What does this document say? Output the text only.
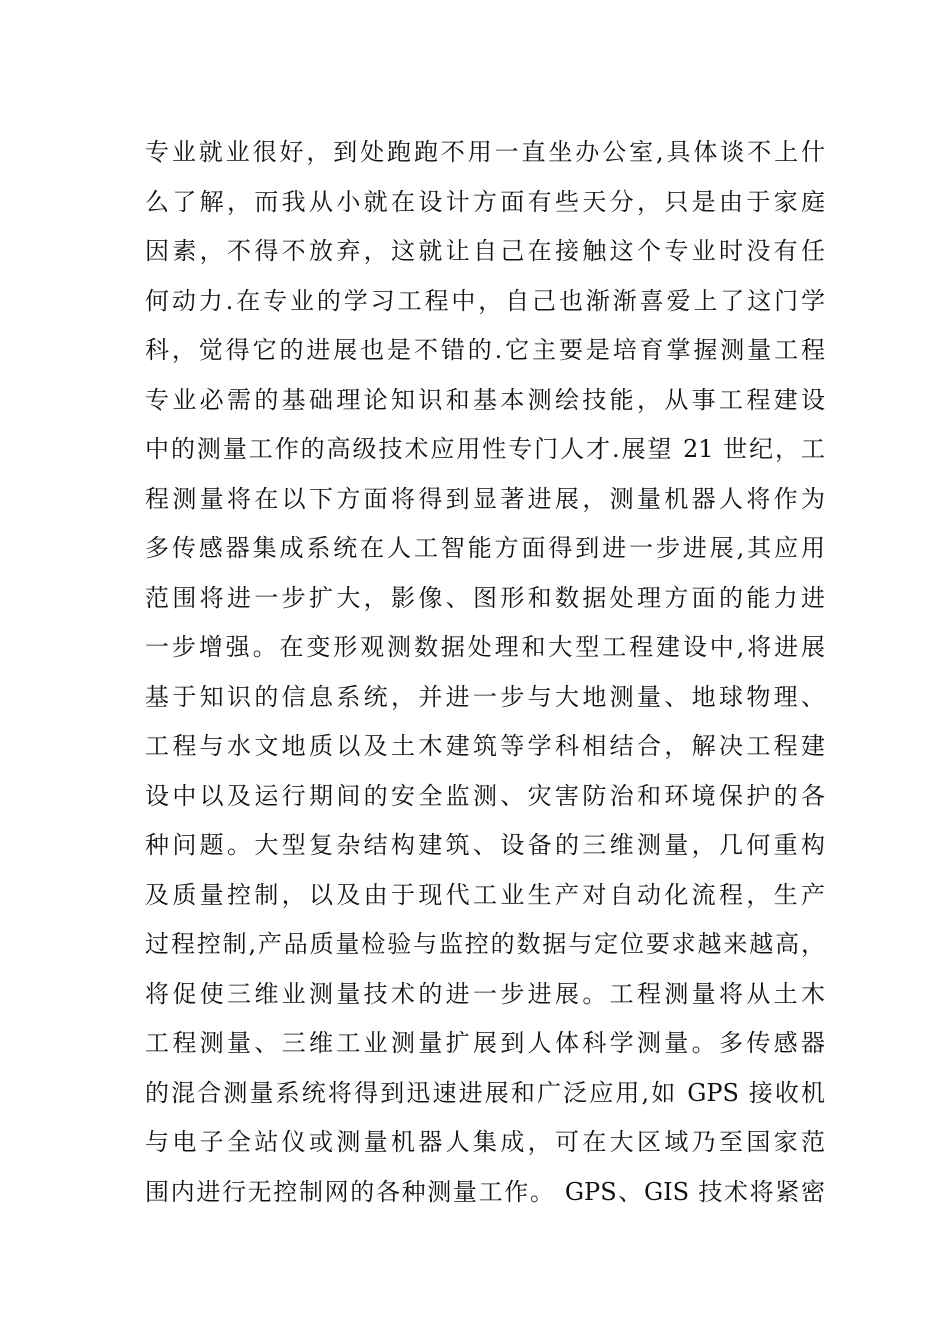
专业就业很好，到处跑跑不用一直坐办公室,具体谈不上什
么了解，而我从小就在设计方面有些天分，只是由于家庭
因素，不得不放弃，这就让自己在接触这个专业时没有任
何动力.在专业的学习工程中，自己也渐渐喜爱上了这门学
科，觉得它的进展也是不错的.它主要是培育掌握测量工程
专业必需的基础理论知识和基本测绘技能，从事工程建设
中的测量工作的高级技术应用性专门人才.展望 21 世纪，工
程测量将在以下方面将得到显著进展，测量机器人将作为
多传感器集成系统在人工智能方面得到进一步进展,其应用
范围将进一步扩大，影像、图形和数据处理方面的能力进
一步增强。在变形观测数据处理和大型工程建设中,将进展
基于知识的信息系统，并进一步与大地测量、地球物理、
工程与水文地质以及土木建筑等学科相结合，解决工程建
设中以及运行期间的安全监测、灾害防治和环境保护的各
种问题。大型复杂结构建筑、设备的三维测量，几何重构
及质量控制，以及由于现代工业生产对自动化流程，生产
过程控制,产品质量检验与监控的数据与定位要求越来越高，
将促使三维业测量技术的进一步进展。工程测量将从土木
工程测量、三维工业测量扩展到人体科学测量。多传感器
的混合测量系统将得到迅速进展和广泛应用,如 GPS 接收机
与电子全站仪或测量机器人集成，可在大区域乃至国家范
围内进行无控制网的各种测量工作。 GPS、GIS 技术将紧密
